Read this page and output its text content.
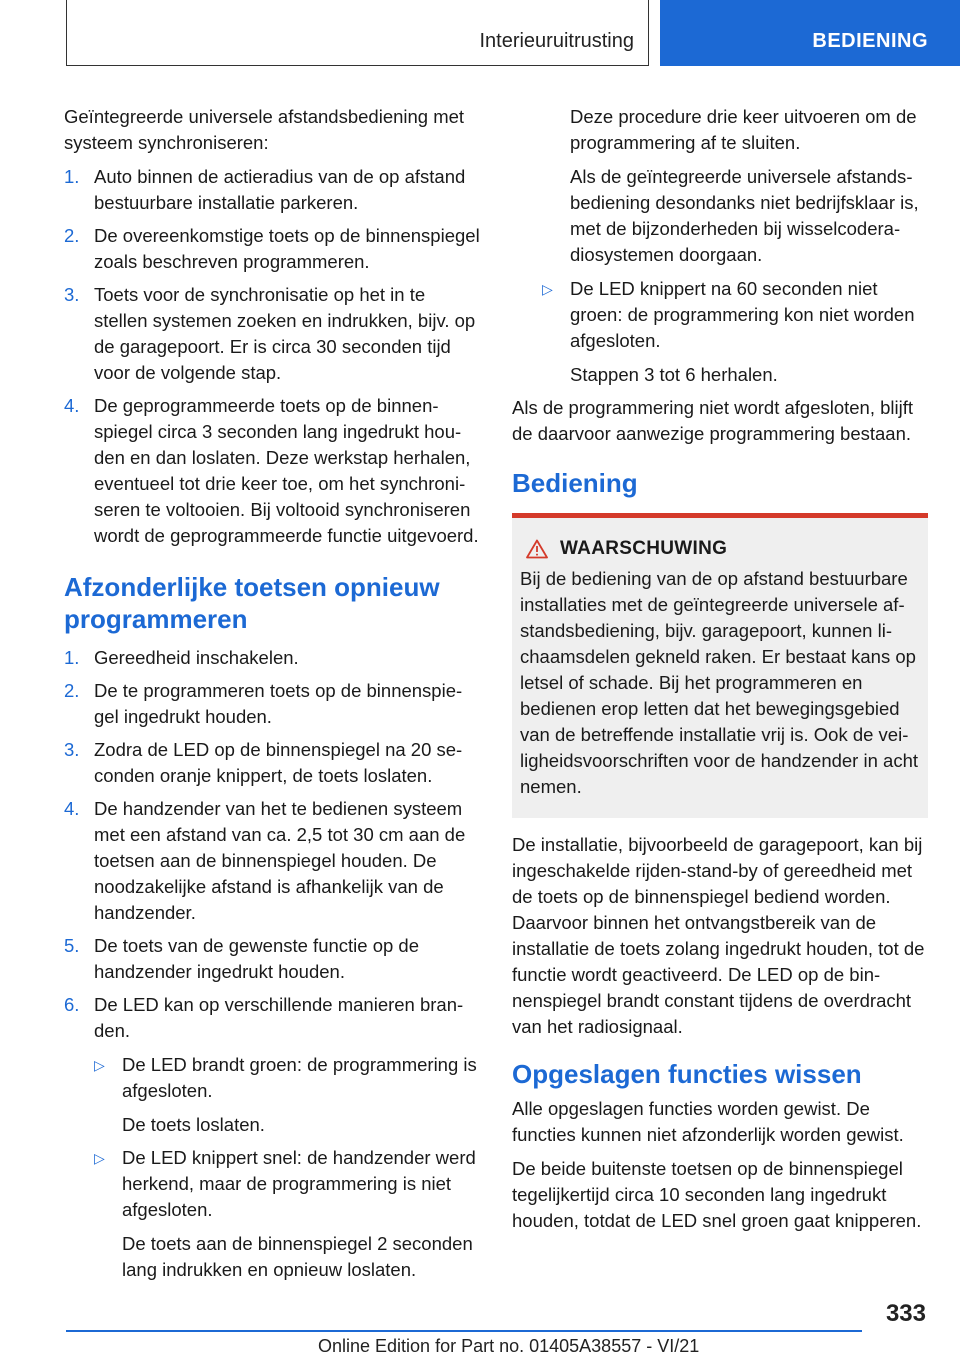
Interieuruitrusting	BEDIENING

Geïntegreerde universele afstandsbediening met systeem synchroniseren:

1. Auto binnen de actieradius van de op afstand bestuurbare installatie parkeren.
2. De overeenkomstige toets op de binnenspiegel zoals beschreven programmeren.
3. Toets voor de synchronisatie op het in te stellen systemen zoeken en indrukken, bijv. op de garagepoort. Er is circa 30 seconden tijd voor de volgende stap.
4. De geprogrammeerde toets op de binnenspiegel circa 3 seconden lang ingedrukt houden en dan loslaten. Deze werkstap herhalen, eventueel tot drie keer toe, om het synchroniseren te voltooien. Bij voltooid synchroniseren wordt de geprogrammeerde functie uitgevoerd.
Afzonderlijke toetsen opnieuw programmeren
1. Gereedheid inschakelen.
2. De te programmeren toets op de binnenspiegel ingedrukt houden.
3. Zodra de LED op de binnenspiegel na 20 seconden oranje knippert, de toets loslaten.
4. De handzender van het te bedienen systeem met een afstand van ca. 2,5 tot 30 cm aan de toetsen aan de binnenspiegel houden. De noodzakelijke afstand is afhankelijk van de handzender.
5. De toets van de gewenste functie op de handzender ingedrukt houden.
6. De LED kan op verschillende manieren branden.
▷ De LED brandt groen: de programmering is afgesloten.

De toets loslaten.

▷ De LED knippert snel: de handzender werd herkend, maar de programmering is niet afgesloten.

De toets aan de binnenspiegel 2 seconden lang indrukken en opnieuw loslaten.

Deze procedure drie keer uitvoeren om de programmering af te sluiten.

Als de geïntegreerde universele afstandsbediening desondanks niet bedrijfsklaar is, met de bijzonderheden bij wisselcoderadiosystemen doorgaan.

▷ De LED knippert na 60 seconden niet groen: de programmering kon niet worden afgesloten.

Stappen 3 tot 6 herhalen.

Als de programmering niet wordt afgesloten, blijft de daarvoor aanwezige programmering bestaan.

Bediening
WAARSCHUWING

Bij de bediening van de op afstand bestuurbare installaties met de geïntegreerde universele afstandsbediening, bijv. garagepoort, kunnen lichaamsdelen gekneld raken. Er bestaat kans op letsel of schade. Bij het programmeren en bedienen erop letten dat het bewegingsgebied van de betreffende installatie vrij is. Ook de veiligheidsvoorschriften voor de handzender in acht nemen.

De installatie, bijvoorbeeld de garagepoort, kan bij ingeschakelde rijden-stand-by of gereedheid met de toets op de binnenspiegel bediend worden. Daarvoor binnen het ontvangstbereik van de installatie de toets zolang ingedrukt houden, tot de functie wordt geactiveerd. De LED op de binnenspiegel brandt constant tijdens de overdracht van het radiosignaal.

Opgeslagen functies wissen

Alle opgeslagen functies worden gewist. De functies kunnen niet afzonderlijk worden gewist.

De beide buitenste toetsen op de binnenspiegel tegelijkertijd circa 10 seconden lang ingedrukt houden, totdat de LED snel groen gaat knipperen.

333
Online Edition for Part no. 01405A38557 - VI/21
